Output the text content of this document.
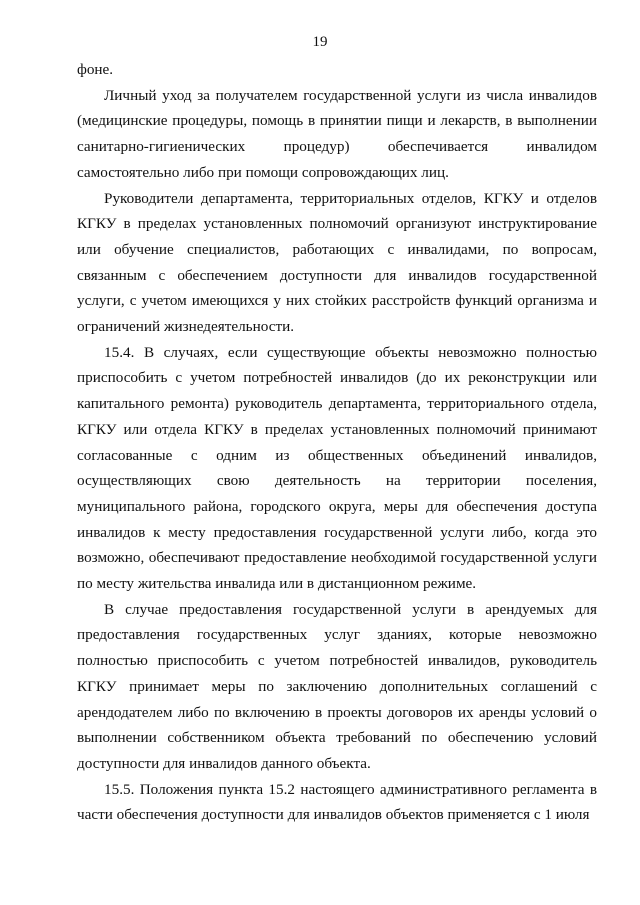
19

фоне.

Личный уход за получателем государственной услуги из числа инвалидов (медицинские процедуры, помощь в принятии пищи и лекарств, в выполнении санитарно-гигиенических процедур) обеспечивается инвалидом самостоятельно либо при помощи сопровождающих лиц.

Руководители департамента, территориальных отделов, КГКУ и отделов КГКУ в пределах установленных полномочий организуют инструктирование или обучение специалистов, работающих с инвалидами, по вопросам, связанным с обеспечением доступности для инвалидов государственной услуги, с учетом имеющихся у них стойких расстройств функций организма и ограничений жизнедеятельности.

15.4. В случаях, если существующие объекты невозможно полностью приспособить с учетом потребностей инвалидов (до их реконструкции или капитального ремонта) руководитель департамента, территориального отдела, КГКУ или отдела КГКУ в пределах установленных полномочий принимают согласованные с одним из общественных объединений инвалидов, осуществляющих свою деятельность на территории поселения, муниципального района, городского округа, меры для обеспечения доступа инвалидов к месту предоставления государственной услуги либо, когда это возможно, обеспечивают предоставление необходимой государственной услуги по месту жительства инвалида или в дистанционном режиме.

В случае предоставления государственной услуги в арендуемых для предоставления государственных услуг зданиях, которые невозможно полностью приспособить с учетом потребностей инвалидов, руководитель КГКУ принимает меры по заключению дополнительных соглашений с арендодателем либо по включению в проекты договоров их аренды условий о выполнении собственником объекта требований по обеспечению условий доступности для инвалидов данного объекта.

15.5. Положения пункта 15.2 настоящего административного регламента в части обеспечения доступности для инвалидов объектов применяется с 1 июля
